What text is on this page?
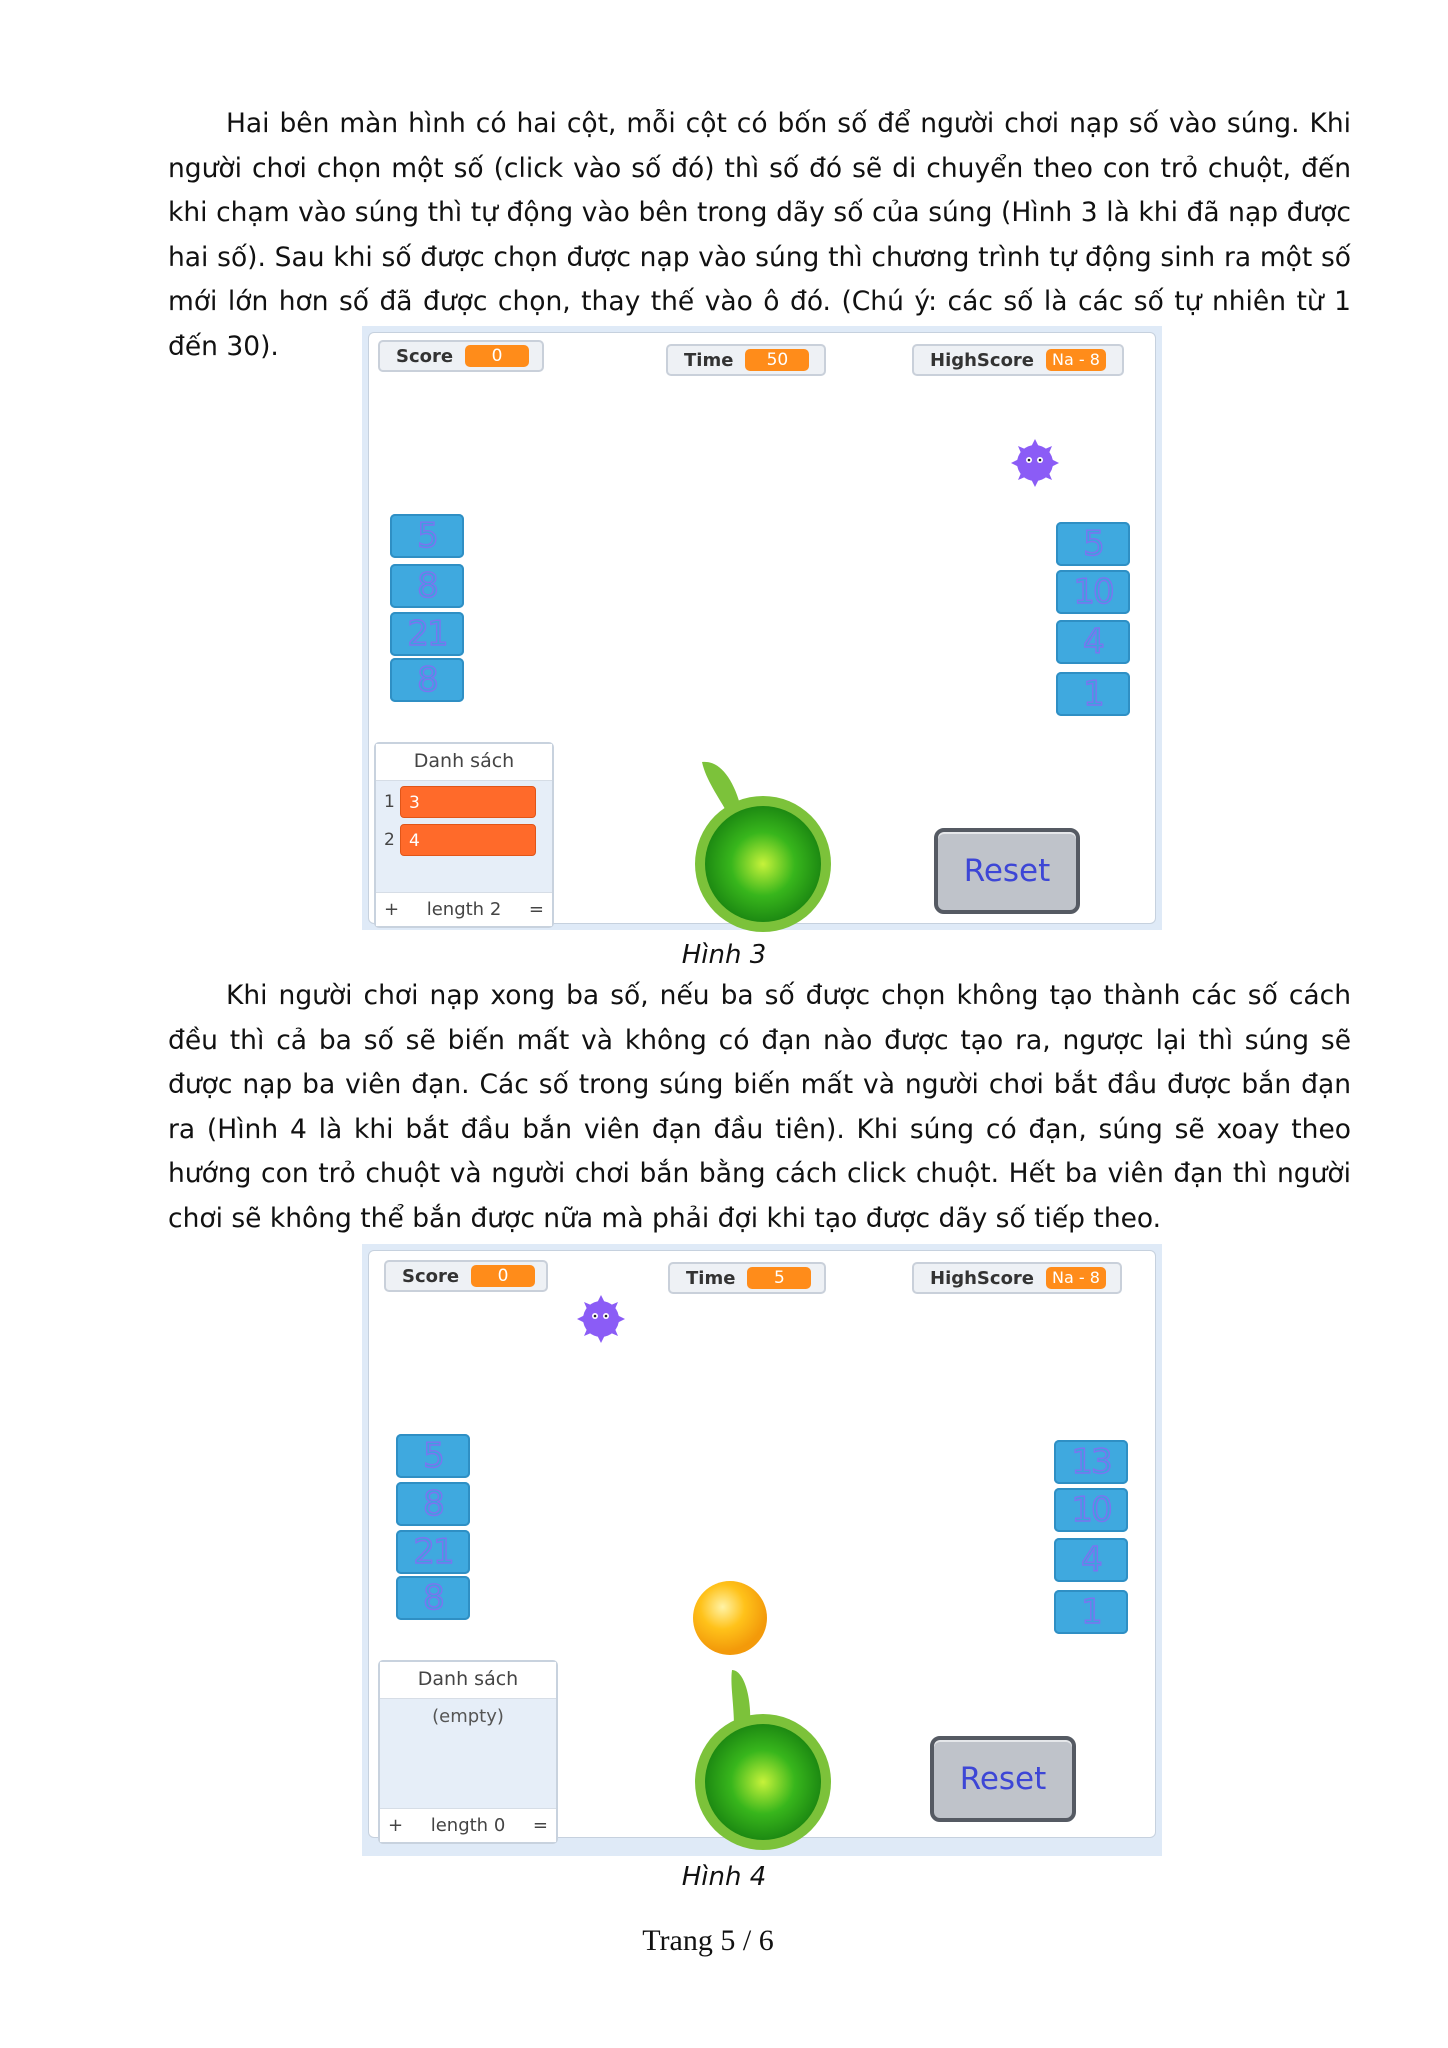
Hai bên màn hình có hai cột, mỗi cột có bốn số để người chơi nạp số vào súng. Khi người chơi chọn một số (click vào số đó) thì số đó sẽ di chuyển theo con trỏ chuột, đến khi chạm vào súng thì tự động vào bên trong dãy số của súng (Hình 3 là khi đã nạp được hai số). Sau khi số được chọn được nạp vào súng thì chương trình tự động sinh ra một số mới lớn hơn số đã được chọn, thay thế vào ô đó. (Chú ý: các số là các số tự nhiên từ 1 đến 30).	Score	0	Time	50	HighScore	Na - 8
5
8
21
8
5
10
4
1
Danh sách
1 3
2 4
+ length 2 =
Reset
Hình 3

Khi người chơi nạp xong ba số, nếu ba số được chọn không tạo thành các số cách đều thì cả ba số sẽ biến mất và không có đạn nào được tạo ra, ngược lại thì súng sẽ được nạp ba viên đạn. Các số trong súng biến mất và người chơi bắt đầu được bắn đạn ra (Hình 4 là khi bắt đầu bắn viên đạn đầu tiên). Khi súng có đạn, súng sẽ xoay theo hướng con trỏ chuột và người chơi bắn bằng cách click chuột. Hết ba viên đạn thì người chơi sẽ không thể bắn được nữa mà phải đợi khi tạo được dãy số tiếp theo.

Score	0	Time	5	HighScore	Na - 8
5
8
21
8
13
10
4
1
Danh sách
(empty)
+ length 0 =
Reset
Hình 4
Trang 5 / 6
